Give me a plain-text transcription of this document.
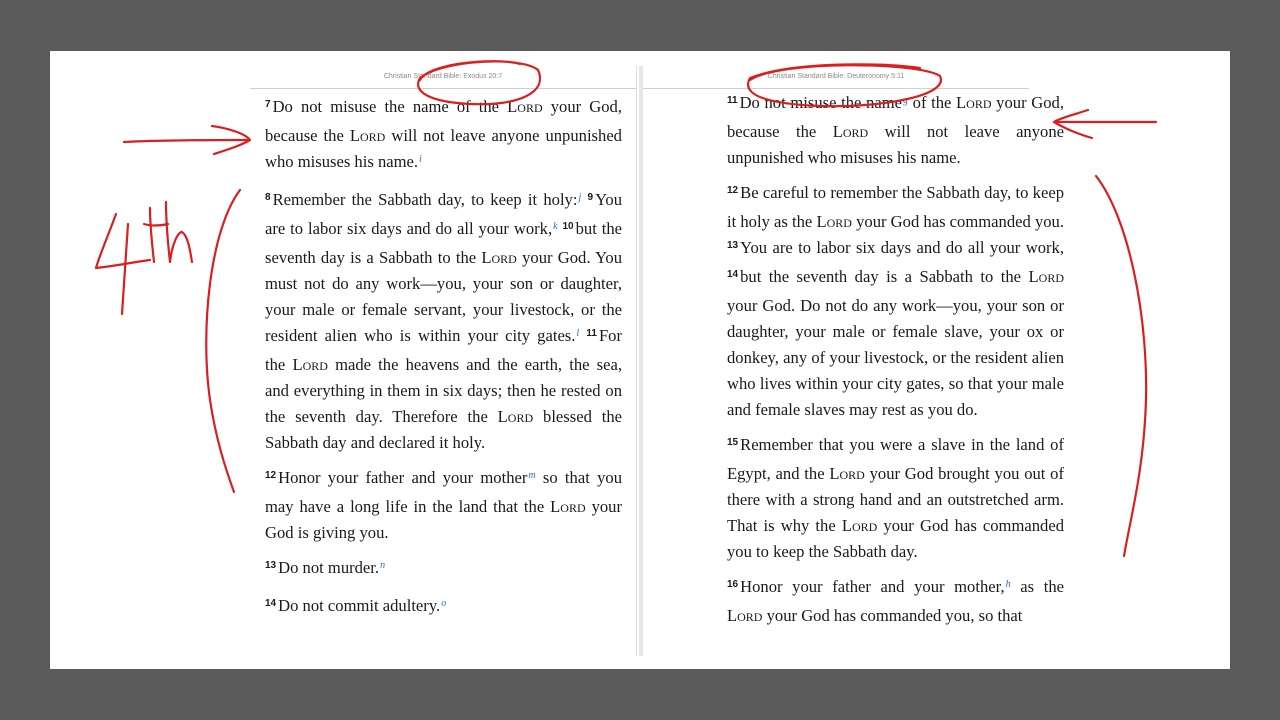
Christian Standard Bible: Exodus 20:7

$^7$ Do not misuse the name of the Lord your God, because the Lord will not leave anyone unpunished who misuses his name.$^i$

$^8$ Remember the Sabbath day, to keep it holy:$^j$ $^9$ You are to labor six days and do all your work,$^k$ $^{10}$ but the seventh day is a Sabbath to the Lord your God. You must not do any work—you, your son or daughter, your male or female servant, your livestock, or the resident alien who is within your city gates.$^l$ $^{11}$ For the Lord made the heavens and the earth, the sea, and everything in them in six days; then he rested on the seventh day. Therefore the Lord blessed the Sabbath day and declared it holy.

$^{12}$ Honor your father and your mother$^m$ so that you may have a long life in the land that the Lord your God is giving you.

$^{13}$ Do not murder.$^n$

$^{14}$ Do not commit adultery.$^o$

Christian Standard Bible: Deuteronomy 5:11

$^{11}$ Do not misuse the name$^g$ of the Lord your God, because the Lord will not leave anyone unpunished who misuses his name.

$^{12}$ Be careful to remember the Sabbath day, to keep it holy as the Lord your God has commanded you. $^{13}$ You are to labor six days and do all your work, $^{14}$ but the seventh day is a Sabbath to the Lord your God. Do not do any work—you, your son or daughter, your male or female slave, your ox or donkey, any of your livestock, or the resident alien who lives within your city gates, so that your male and female slaves may rest as you do.

$^{15}$ Remember that you were a slave in the land of Egypt, and the Lord your God brought you out of there with a strong hand and an outstretched arm. That is why the Lord your God has commanded you to keep the Sabbath day.

$^{16}$ Honor your father and your mother,$^h$ as the Lord your God has commanded you, so that
